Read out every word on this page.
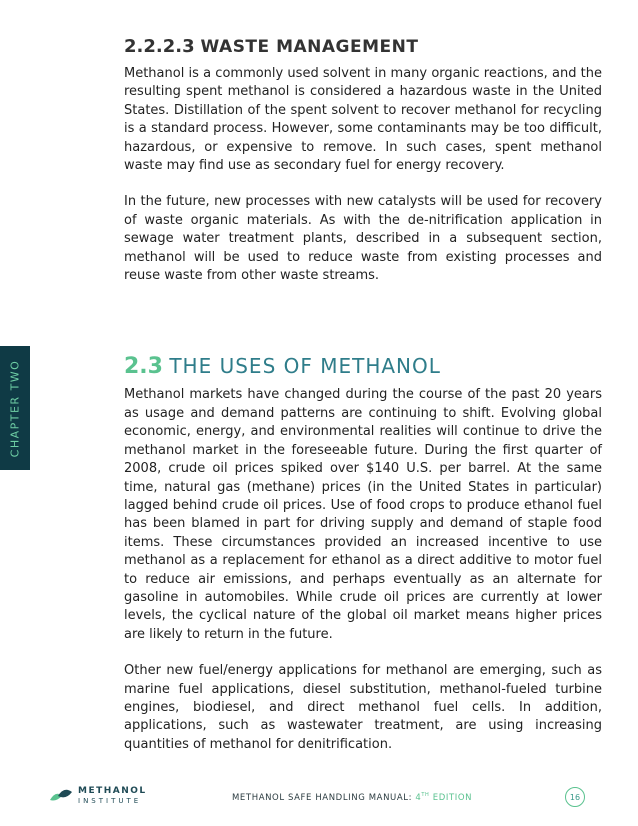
CHAPTER TWO
2.2.2.3 WASTE MANAGEMENT

Methanol is a commonly used solvent in many organic reactions, and the resulting spent methanol is considered a hazardous waste in the United States. Distillation of the spent solvent to recover methanol for recycling is a standard process. However, some contaminants may be too difficult, hazardous, or expensive to remove. In such cases, spent methanol waste may find use as secondary fuel for energy recovery.

In the future, new processes with new catalysts will be used for recovery of waste organic materials. As with the de-nitrification application in sewage water treatment plants, described in a subsequent section, methanol will be used to reduce waste from existing processes and reuse waste from other waste streams.

2.3 THE USES OF METHANOL

Methanol markets have changed during the course of the past 20 years as usage and demand patterns are continuing to shift. Evolving global economic, energy, and environmental realities will continue to drive the methanol market in the foreseeable future. During the first quarter of 2008, crude oil prices spiked over $140 U.S. per barrel. At the same time, natural gas (methane) prices (in the United States in particular) lagged behind crude oil prices. Use of food crops to produce ethanol fuel has been blamed in part for driving supply and demand of staple food items. These circumstances provided an increased incentive to use methanol as a replacement for ethanol as a direct additive to motor fuel to reduce air emissions, and perhaps eventually as an alternate for gasoline in automobiles. While crude oil prices are currently at lower levels, the cyclical nature of the global oil market means higher prices are likely to return in the future.

Other new fuel/energy applications for methanol are emerging, such as marine fuel applications, diesel substitution, methanol-fueled turbine engines, biodiesel, and direct methanol fuel cells. In addition, applications, such as wastewater treatment, are using increasing quantities of methanol for denitrification.

METHANOL
INSTITUTE	METHANOL SAFE HANDLING MANUAL: 4TH EDITION	16
